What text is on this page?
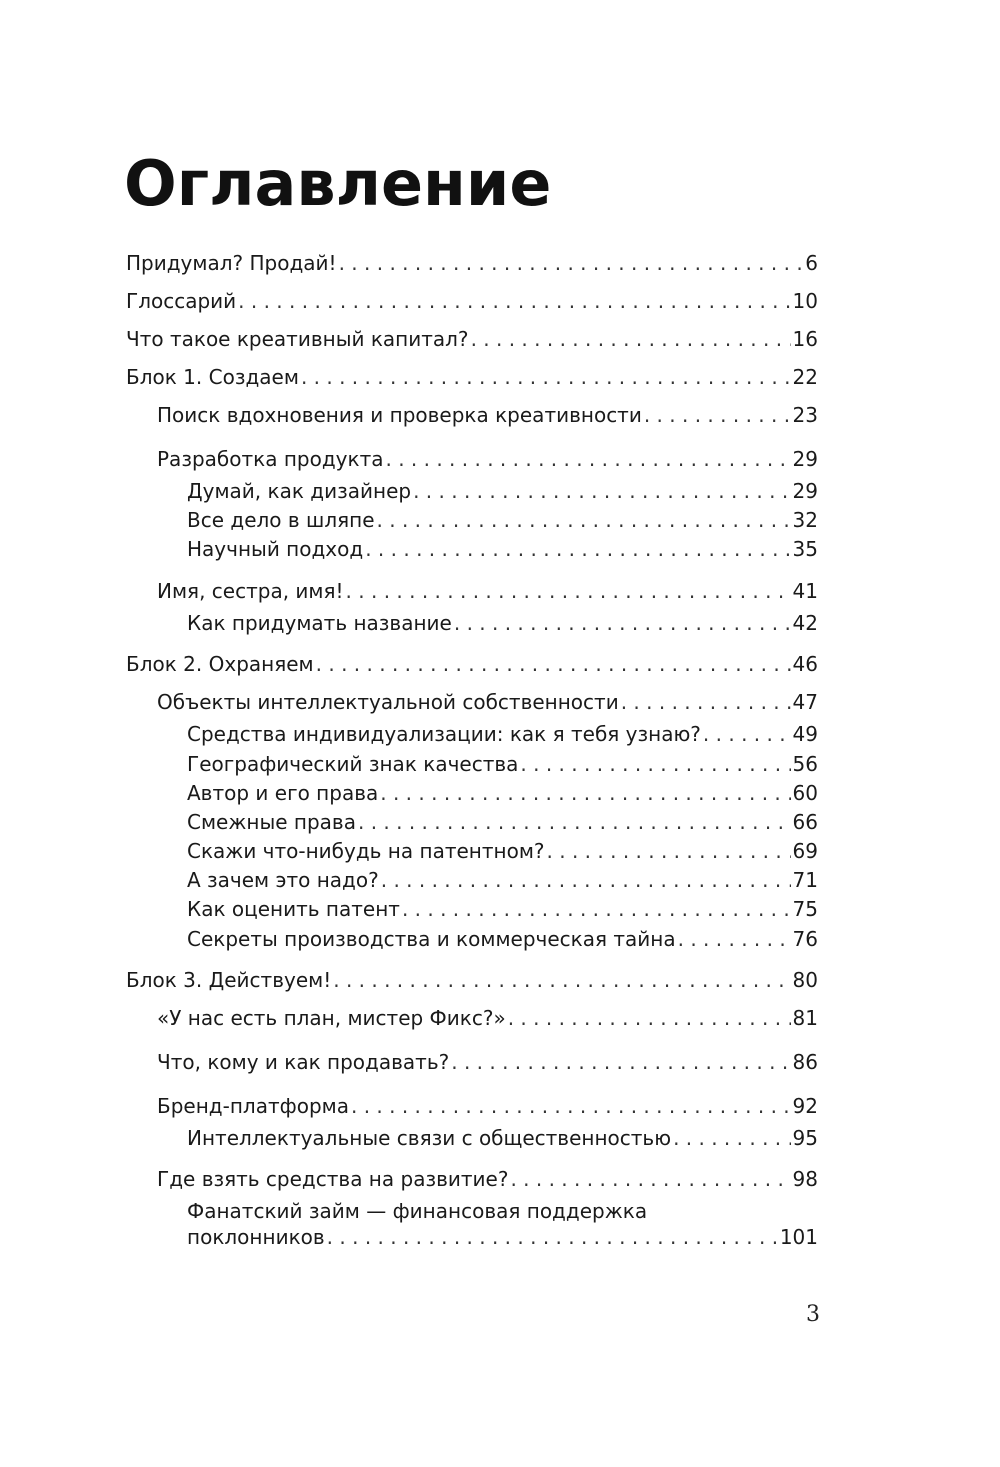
Оглавление
Придумал? Продай! . . .	6
Глоссарий . . .	10
Что такое креативный капитал? . . .	16
Блок 1. Создаем . . .	22
Поиск вдохновения и проверка креативности . . .	23
Разработка продукта . . .	29
Думай, как дизайнер . . .	29
Все дело в шляпе . . .	32
Научный подход . . .	35
Имя, сестра, имя! . . .	41
Как придумать название . . .	42
Блок 2. Охраняем . . .	46
Объекты интеллектуальной собственности . . .	47
Средства индивидуализации: как я тебя узнаю? . . .	49
Географический знак качества . . .	56
Автор и его права . . .	60
Смежные права . . .	66
Скажи что-нибудь на патентном? . . .	69
А зачем это надо? . . .	71
Как оценить патент . . .	75
Секреты производства и коммерческая тайна . . .	76
Блок 3. Действуем! . . .	80
«У нас есть план, мистер Фикс?» . . .	81
Что, кому и как продавать? . . .	86
Бренд-платформа . . .	92
Интеллектуальные связи с общественностью . . .	95
Где взять средства на развитие? . . .	98
Фанатский займ — финансовая поддержка
поклонников . . .	101
3
